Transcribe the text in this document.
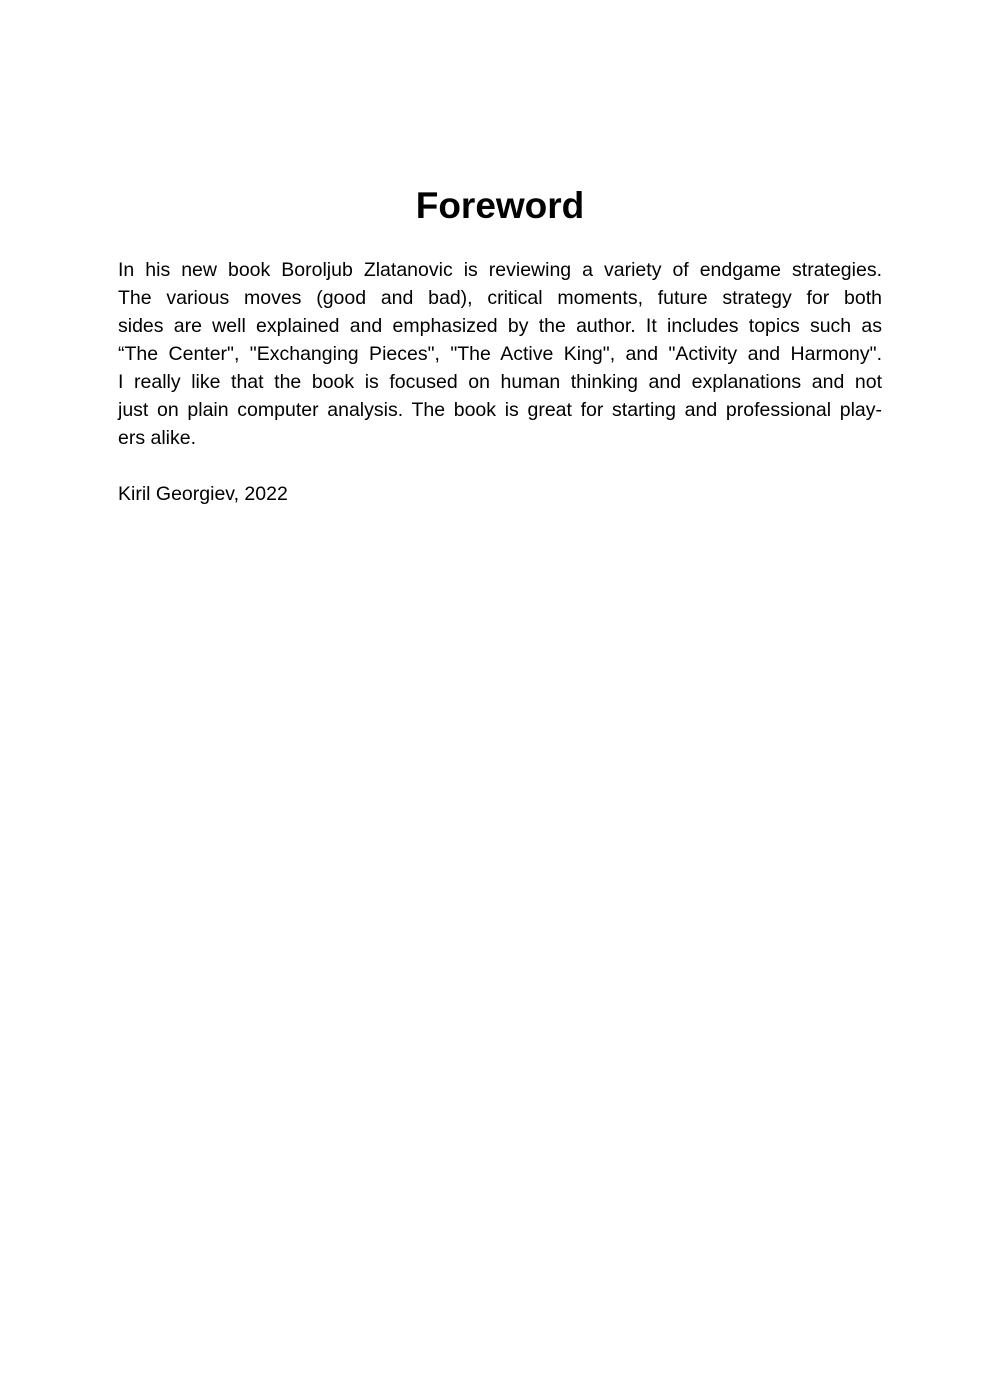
Foreword
In his new book Boroljub Zlatanovic is reviewing a variety of endgame strategies.
The various moves (good and bad), critical moments, future strategy for both
sides are well explained and emphasized by the author. It includes topics such as
“The Center", "Exchanging Pieces", "The Active King", and "Activity and Harmony".
I really like that the book is focused on human thinking and explanations and not
just on plain computer analysis. The book is great for starting and professional play-
ers alike.

Kiril Georgiev, 2022
